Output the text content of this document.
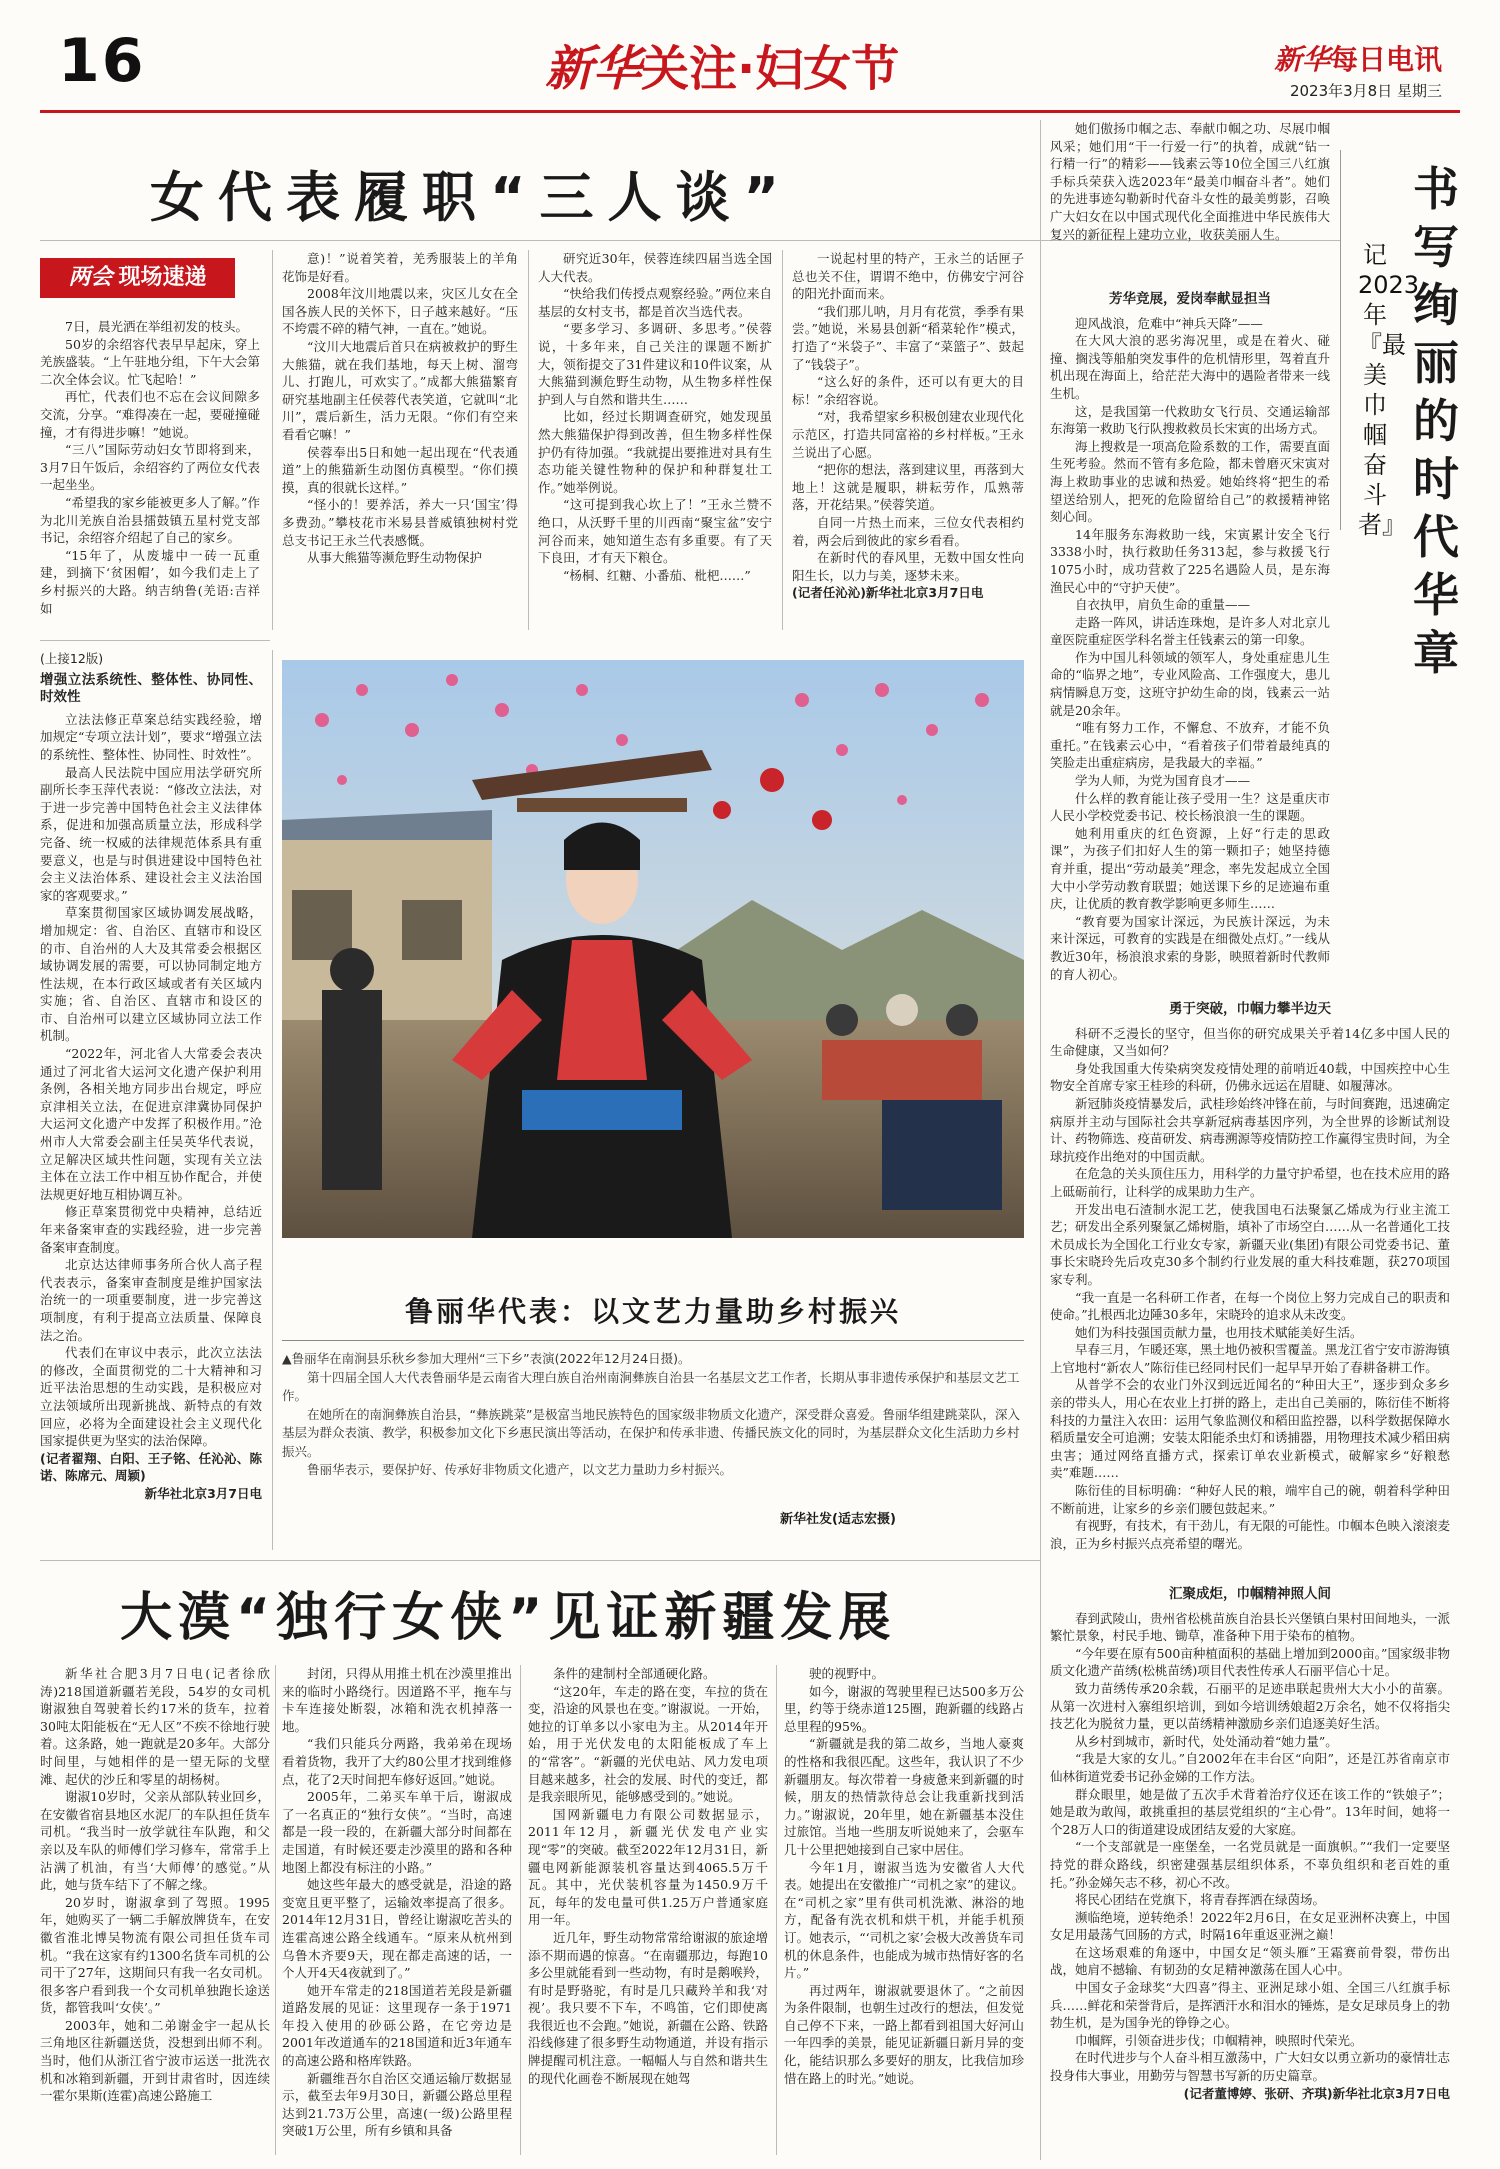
16	新华关注·妇女节	新华每日电讯
2023年3月8日 星期三
女代表履职“三人谈”
两会 现场速递

7日，晨光洒在举组初发的枝头。

50岁的余绍容代表早早起床，穿上羌族盛装。“上午驻地分组，下午大会第二次全体会议。忙飞起哈！”

再忙，代表们也不忘在会议间隙多交流，分享。“难得凑在一起，要碰撞碰撞，才有得进步嘛！”她说。

“三八”国际劳动妇女节即将到来，3月7日午饭后，余绍容约了两位女代表一起坐坐。

“希望我的家乡能被更多人了解。”作为北川羌族自治县擂鼓镇五星村党支部书记，余绍容介绍起了自己的家乡。

“15年了，从废墟中一砖一瓦重建，到摘下‘贫困帽’，如今我们走上了乡村振兴的大路。纳吉纳鲁(羌语:吉祥如

意)！”说着笑着，羌秀服装上的羊角花饰是好看。

2008年汶川地震以来，灾区儿女在全国各族人民的关怀下，日子越来越好。“压不垮震不碎的精气神，一直在。”她说。

“汶川大地震后首只在病被救护的野生大熊猫，就在我们基地，每天上树、溜弯儿、打跑儿，可欢实了。”成都大熊猫繁育研究基地副主任侯蓉代表笑道，它就叫“北川”，震后新生，活力无限。“你们有空来看看它嘛！”

侯蓉奉出5日和她一起出现在“代表通道”上的熊猫新生动图仿真模型。“你们摸摸，真的很就长这样。”

“怪小的！要养活，养大一只‘国宝’得多费劲。”攀枝花市米易县普威镇独树村党总支书记王永兰代表感慨。

从事大熊猫等濒危野生动物保护

研究近30年，侯蓉连续四届当选全国人大代表。

“快给我们传授点观察经验。”两位来自基层的女村支书，都是首次当选代表。

“要多学习、多调研、多思考。”侯蓉说，十多年来，自己关注的课题不断扩大，领衔提交了31件建议和10件议案，从大熊猫到濒危野生动物，从生物多样性保护到人与自然和谐共生……

比如，经过长期调查研究，她发现虽然大熊猫保护得到改善，但生物多样性保护仍有待加强。“我就提出要推进对具有生态功能关键性物种的保护和种群复壮工作。”她举例说。

“这可提到我心坎上了！”王永兰赞不绝口，从沃野千里的川西南“聚宝盆”安宁河谷而来，她知道生态有多重要。有了天下良田，才有天下粮仓。

“杨桐、红糖、小番茄、枇杷……”

一说起村里的特产，王永兰的话匣子总也关不住，谓谓不绝中，仿佛安宁河谷的阳光扑面而来。

“我们那儿呐，月月有花赏，季季有果尝。”她说，米易县创新“稻菜轮作”模式，打造了“米袋子”、丰富了“菜篮子”、鼓起了“钱袋子”。

“这么好的条件，还可以有更大的目标！”余绍容说。

“对，我希望家乡积极创建农业现代化示范区，打造共同富裕的乡村样板。”王永兰说出了心愿。

“把你的想法，落到建议里，再落到大地上！这就是履职，耕耘劳作，瓜熟蒂落，开花结果。”侯蓉笑道。

自同一片热土而来，三位女代表相约着，两会后到彼此的家乡看看。

在新时代的春风里，无数中国女性向阳生长，以力与美，逐梦未来。

(记者任沁沁)新华社北京3月7日电

(上接12版)

增强立法系统性、整体性、协同性、时效性

立法法修正草案总结实践经验，增加规定“专项立法计划”，要求“增强立法的系统性、整体性、协同性、时效性”。

最高人民法院中国应用法学研究所副所长李玉萍代表说：“修改立法法，对于进一步完善中国特色社会主义法律体系，促进和加强高质量立法，形成科学完备、统一权威的法律规范体系具有重要意义，也是与时俱进建设中国特色社会主义法治体系、建设社会主义法治国家的客观要求。”

草案贯彻国家区域协调发展战略，增加规定：省、自治区、直辖市和设区的市、自治州的人大及其常委会根据区域协调发展的需要，可以协同制定地方性法规，在本行政区域或者有关区域内实施；省、自治区、直辖市和设区的市、自治州可以建立区域协同立法工作机制。

“2022年，河北省人大常委会表决通过了河北省大运河文化遗产保护利用条例，各相关地方同步出台规定，呼应京津相关立法，在促进京津冀协同保护大运河文化遗产中发挥了积极作用。”沧州市人大常委会副主任吴英华代表说，立足解决区域共性问题，实现有关立法主体在立法工作中相互协作配合，并使法规更好地互相协调互补。

修正草案贯彻党中央精神，总结近年来备案审查的实践经验，进一步完善备案审查制度。

北京达达律师事务所合伙人高子程代表表示，备案审查制度是维护国家法治统一的一项重要制度，进一步完善这项制度，有利于提高立法质量、保障良法之治。

代表们在审议中表示，此次立法法的修改，全面贯彻党的二十大精神和习近平法治思想的生动实践，是积极应对立法领域所出现新挑战、新特点的有效回应，必将为全面建设社会主义现代化国家提供更为坚实的法治保障。

(记者翟翔、白阳、王子铭、任沁沁、陈诺、陈席元、周颖)

新华社北京3月7日电

鲁丽华代表：以文艺力量助乡村振兴

▲鲁丽华在南涧县乐秋乡参加大理州“三下乡”表演(2022年12月24日摄)。

第十四届全国人大代表鲁丽华是云南省大理白族自治州南涧彝族自治县一名基层文艺工作者，长期从事非遗传承保护和基层文艺工作。

在她所在的南涧彝族自治县，“彝族跳菜”是极富当地民族特色的国家级非物质文化遗产，深受群众喜爱。鲁丽华组建跳菜队，深入基层为群众表演、教学，积极参加文化下乡惠民演出等活动，在保护和传承非遗、传播民族文化的同时，为基层群众文化生活助力乡村振兴。

鲁丽华表示，要保护好、传承好非物质文化遗产，以文艺力量助力乡村振兴。

新华社发(适志宏摄)
大漠“独行女侠”见证新疆发展

新华社合肥3月7日电(记者徐欣涛)218国道新疆若羌段，54岁的女司机谢淑独自驾驶着长约17米的货车，拉着30吨太阳能板在“无人区”不疾不徐地行驶着。这条路，她一跑就是20多年。大部分时间里，与她相伴的是一望无际的戈壁滩、起伏的沙丘和零星的胡杨树。

谢淑10岁时，父亲从部队转业回乡，在安徽省宿县地区水泥厂的车队担任货车司机。“我当时一放学就往车队跑，和父亲以及车队的师傅们学习修车，常常手上沾满了机油，有当‘大师傅’的感觉。”从此，她与货车结下了不解之缘。

20岁时，谢淑拿到了驾照。1995年，她购买了一辆二手解放牌货车，在安徽省淮北博吴物流有限公司担任货车司机。“我在这家有约1300名货车司机的公司干了27年，这期间只有我一名女司机。很多客户看到我一个女司机单独跑长途送货，都管我叫‘女侠’。”

2003年，她和二弟谢金宇一起从长三角地区往新疆送货，没想到出师不利。当时，他们从浙江省宁波市运送一批洗衣机和冰箱到新疆，开到甘肃省时，因连续一霍尔果斯(连霍)高速公路施工

封闭，只得从用推土机在沙漠里推出来的临时小路绕行。因道路不平，拖车与卡车连接处断裂，冰箱和洗衣机掉落一地。

“我们只能兵分两路，我弟弟在现场看着货物，我开了大约80公里才找到维修点，花了2天时间把车修好返回。”她说。

2005年，二弟买车单干后，谢淑成了一名真正的“独行女侠”。“当时，高速都是一段一段的，在新疆大部分时间都在走国道，有时候还要走沙漠里的路和各种地图上都没有标注的小路。”

她这些年最大的感受就是，沿途的路变宽且更平整了，运输效率提高了很多。2014年12月31日，曾经让谢淑吃苦头的连霍高速公路全线通车。“原来从杭州到乌鲁木齐要9天，现在都走高速的话，一个人开4天4夜就到了。”

她开车常走的218国道若羌段是新疆道路发展的见证：这里现存一条于1971年投入使用的砂砾公路，在它旁边是2001年改道通车的218国道和近3年通车的高速公路和格库铁路。

新疆维吾尔自治区交通运输厅数据显示，截至去年9月30日，新疆公路总里程达到21.73万公里，高速(一级)公路里程突破1万公里，所有乡镇和具备

条件的建制村全部通硬化路。

“这20年，车走的路在变，车拉的货在变，沿途的风景也在变。”谢淑说。一开始，她拉的订单多以小家电为主。从2014年开始，用于光伏发电的太阳能板成了车上的“常客”。“新疆的光伏电站、风力发电项目越来越多，社会的发展、时代的变迁，都是我亲眼所见，能够感受到的。”她说。

国网新疆电力有限公司数据显示，2011年12月，新疆光伏发电产业实现“零”的突破。截至2022年12月31日，新疆电网新能源装机容量达到4065.5万千瓦。其中，光伏装机容量为1450.9万千瓦，每年的发电量可供1.25万户普通家庭用一年。

近几年，野生动物常常给谢淑的旅途增添不期而遇的惊喜。“在南疆那边，每跑10多公里就能看到一些动物，有时是鹅喉羚，有时是野骆驼，有时是几只藏羚羊和我‘对视’。我只要不下车，不鸣笛，它们即使离我很近也不会跑。”她说，新疆在公路、铁路沿线修建了很多野生动物通道，并设有指示牌提醒司机注意。一幅幅人与自然和谐共生的现代化画卷不断展现在她驾

驶的视野中。

如今，谢淑的驾驶里程已达500多万公里，约等于绕赤道125圈，跑新疆的线路占总里程的95%。

“新疆就是我的第二故乡，当地人豪爽的性格和我很匹配。这些年，我认识了不少新疆朋友。每次带着一身疲惫来到新疆的时候，朋友的热情款待总会让我重新找到活力。”谢淑说，20年里，她在新疆基本没住过旅馆。当地一些朋友听说她来了，会驱车几十公里把她接到自己家中居住。

今年1月，谢淑当选为安徽省人大代表。她提出在安徽推广“司机之家”的建议。在“司机之家”里有供司机洗漱、淋浴的地方，配备有洗衣机和烘干机，并能手机预订。她表示，“‘司机之家’会极大改善货车司机的休息条件，也能成为城市热情好客的名片。”

再过两年，谢淑就要退休了。“之前因为条件限制，也朝生过改行的想法，但发觉自己停不下来，一路上都看到祖国大好河山一年四季的美景，能见证新疆日新月异的变化，能结识那么多要好的朋友，比我信加珍惜在路上的时光。”她说。

她们傲扬巾帼之志、奉献巾帼之功、尽展巾帼风采；她们用“干一行爱一行”的执着，成就“钻一行精一行”的精彩——钱素云等10位全国三八红旗手标兵荣获入选2023年“最美巾帼奋斗者”。她们的先进事迹勾勒新时代奋斗女性的最美剪影，召唤广大妇女在以中国式现代化全面推进中华民族伟大复兴的新征程上建功立业，收获美丽人生。

记2023年『最美巾帼奋斗者』
书写绚丽的时代华章

芳华竞展，爱岗奉献显担当

迎风战浪，危难中“神兵天降”——

在大风大浪的恶劣海况里，或是在着火、碰撞、搁浅等船舶突发事件的危机情形里，驾着直升机出现在海面上，给茫茫大海中的遇险者带来一线生机。

这，是我国第一代救助女飞行员、交通运输部东海第一救助飞行队搜救救员长宋寅的出场方式。

海上搜救是一项高危险系数的工作，需要直面生死考验。然而不管有多危险，都未曾磨灭宋寅对海上救助事业的忠诚和热爱。她始终将“把生的希望送给别人，把死的危险留给自己”的救援精神铭刻心间。

14年服务东海救助一线，宋寅累计安全飞行3338小时，执行救助任务313起，参与救援飞行1075小时，成功营救了225名遇险人员，是东海渔民心中的“守护天使”。

自衣执甲，肩负生命的重量——

走路一阵风，讲话连珠炮，是许多人对北京儿童医院重症医学科名誉主任钱素云的第一印象。

作为中国儿科领域的领军人，身处重症患儿生命的“临界之地”，专业风险高、工作强度大，患儿病情瞬息万变，这班守护幼生命的岗，钱素云一站就是20余年。

“唯有努力工作，不懈怠、不放弃，才能不负重托。”在钱素云心中，“看着孩子们带着最纯真的笑脸走出重症病房，是我最大的幸福。”

学为人师，为党为国育良才——

什么样的教育能让孩子受用一生？这是重庆市人民小学校党委书记、校长杨浪浪一生的课题。

她利用重庆的红色资源，上好“行走的思政课”，为孩子们扣好人生的第一颗扣子；她坚持德育并重，提出“劳动最美”理念，率先发起成立全国大中小学劳动教育联盟；她送课下乡的足迹遍布重庆，让优质的教育教学影响更多师生……

“教育要为国家计深远，为民族计深远，为未来计深远，可教育的实践是在细微处点灯。”一线从教近30年，杨浪浪求索的身影，映照着新时代教师的育人初心。

勇于突破，巾帼力攀半边天

科研不乏漫长的坚守，但当你的研究成果关乎着14亿多中国人民的生命健康，又当如何？

身处我国重大传染病突发疫情处理的前哨近40载，中国疾控中心生物安全首席专家王桂珍的科研，仍佛永远运在眉睫、如履薄冰。

新冠肺炎疫情暴发后，武桂珍始终冲锋在前，与时间赛跑，迅速确定病原并主动与国际社会共享新冠病毒基因序列，为全世界的诊断试剂设计、药物筛选、疫苗研发、病毒溯源等疫情防控工作赢得宝贵时间，为全球抗疫作出绝对的中国贡献。

在危急的关头顶住压力，用科学的力量守护希望，也在技术应用的路上砥砺前行，让科学的成果助力生产。

开发出电石渣制水泥工艺，使我国电石法聚氯乙烯成为行业主流工艺；研发出全系列聚氯乙烯树脂，填补了市场空白……从一名普通化工技术员成长为全国化工行业女专家，新疆天业(集团)有限公司党委书记、董事长宋晓玲先后攻克30多个制约行业发展的重大科技难题，获270项国家专利。

“我一直是一名科研工作者，在每一个岗位上努力完成自己的职责和使命。”扎根西北边陲30多年，宋晓玲的追求从未改变。

她们为科技强国贡献力量，也用技术赋能美好生活。

早春三月，乍暖还寒，黑土地仍被积雪覆盖。黑龙江省宁安市游海镇上官地村“新农人”陈衍佳已经同村民们一起早早开始了春耕备耕工作。

从普学不会的农业门外汉到远近闻名的“种田大王”，逐步到众多乡亲的带头人，用心在农业上打拼的路上，走出自己美丽的，陈衍佳不断将科技的力量注入农田：运用气象监测仪和稻田监控器，以科学数据保障水稻质量安全可追溯；安装太阳能杀虫灯和诱捕器，用物理技术减少稻田病虫害；通过网络直播方式，探索订单农业新模式，破解家乡“好粮愁卖”难题……

陈衍佳的目标明确：“种好人民的粮，端牢自己的碗，朝着科学种田不断前进，让家乡的乡亲们腰包鼓起来。”

有视野，有技术，有干劲儿，有无限的可能性。巾帼本色映入滚滚麦浪，正为乡村振兴点亮希望的曙光。

汇聚成炬，巾帼精神照人间

春到武陵山，贵州省松桃苗族自治县长兴堡镇白果村田间地头，一派繁忙景象，村民手地、锄草，准备种下用于染布的植物。

“今年要在原有500亩种植面积的基础上增加到2000亩。”国家级非物质文化遗产苗绣(松桃苗绣)项目代表性传承人石丽平信心十足。

致力苗绣传承20余载，石丽平的足迹串联起贵州大大小小的苗寨。从第一次进村入寨组织培训，到如今培训绣娘超2万余名，她不仅将指尖技艺化为脱贫力量，更以苗绣精神激励乡亲们追逐美好生活。

从乡村到城市，新时代，处处涌动着“她力量”。

“我是大家的女儿。”自2002年在丰台区“向阳”，还是江苏省南京市仙林街道党委书记孙金娣的工作方法。

群众眼里，她是做了五次手术背着治疗仪还在该工作的“铁娘子”；她是敢为敢闯，敢挑重担的基层党组织的“主心骨”。13年时间，她将一个28万人口的街道建设成团结友爱的大家庭。

“一个支部就是一座堡垒，一名党员就是一面旗帜。”“我们一定要坚持党的群众路线，织密建强基层组织体系，不辜负组织和老百姓的重托。”孙金娣矢志不移，初心不改。

将民心团结在党旗下，将青春挥洒在绿茵场。

濒临绝境，逆转绝杀！2022年2月6日，在女足亚洲杯决赛上，中国女足用最荡气回肠的方式，时隔16年重返亚洲之巅！

在这场艰难的角逐中，中国女足“领头雁”王霜赛前骨裂，带伤出战，她肩不撼输、有韧劲的女足精神激荡在国人心中。

中国女子金球奖“大四喜”得主、亚洲足球小姐、全国三八红旗手标兵……鲜花和荣誉背后，是挥洒汗水和泪水的锤炼，是女足球员身上的勃勃生机，是为国争光的铮铮之心。

巾帼辉，引领奋进步伐；巾帼精神，映照时代荣光。

在时代进步与个人奋斗相互激荡中，广大妇女以勇立新功的豪情壮志投身伟大事业，用勤劳与智慧书写新的历史篇章。

(记者董博婷、张研、齐琪)新华社北京3月7日电
